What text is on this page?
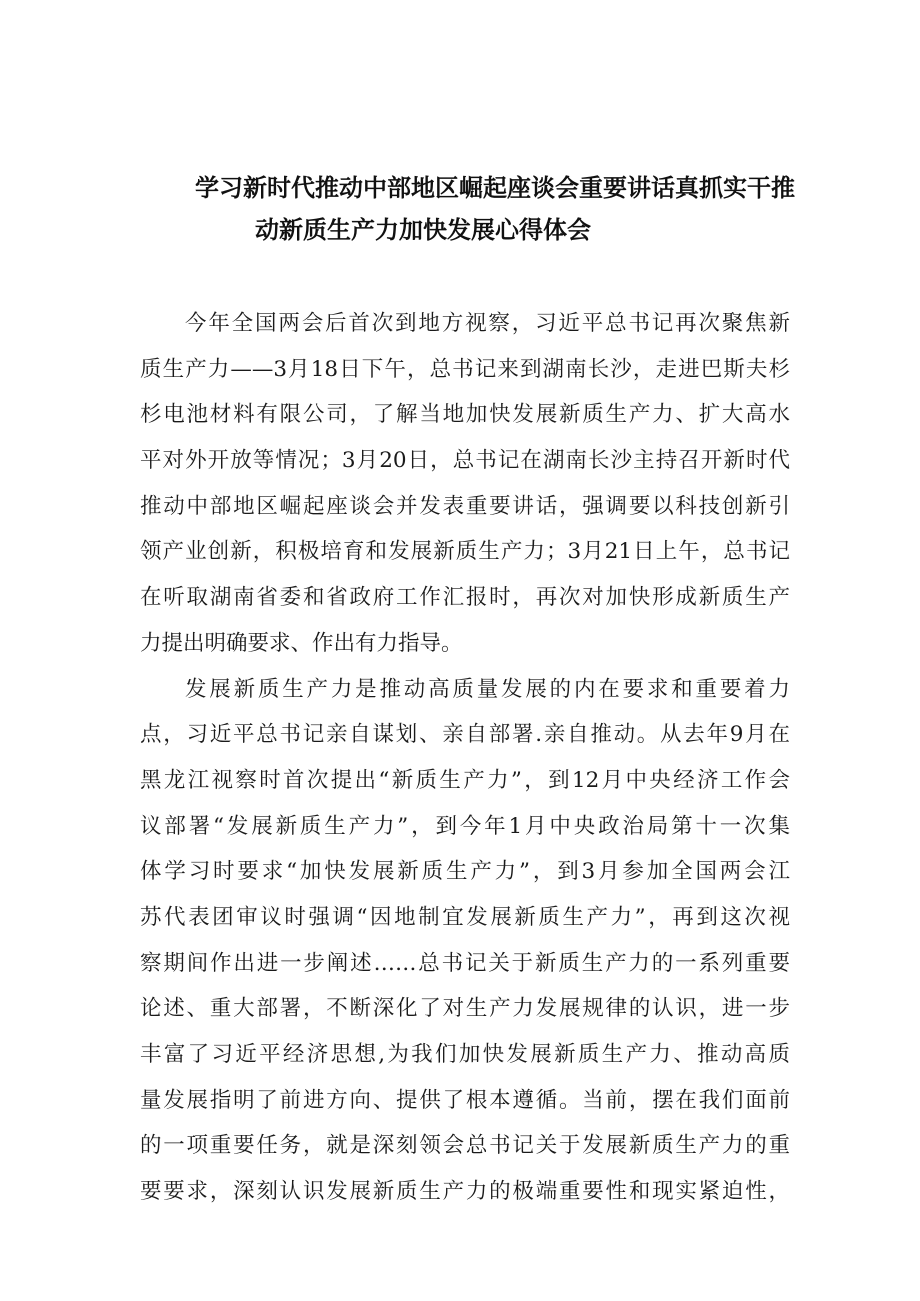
学习新时代推动中部地区崛起座谈会重要讲话真抓实干推
动新质生产力加快发展心得体会
今年全国两会后首次到地方视察，习近平总书记再次聚焦新
质生产力——3月18日下午，总书记来到湖南长沙，走进巴斯夫杉
杉电池材料有限公司，了解当地加快发展新质生产力、扩大高水
平对外开放等情况；3月20日，总书记在湖南长沙主持召开新时代
推动中部地区崛起座谈会并发表重要讲话，强调要以科技创新引
领产业创新，积极培育和发展新质生产力；3月21日上午，总书记
在听取湖南省委和省政府工作汇报时，再次对加快形成新质生产
力提出明确要求、作出有力指导。
发展新质生产力是推动高质量发展的内在要求和重要着力
点，习近平总书记亲自谋划、亲自部署.亲自推动。从去年9月在
黑龙江视察时首次提出“新质生产力”，到12月中央经济工作会
议部署“发展新质生产力”，到今年1月中央政治局第十一次集
体学习时要求“加快发展新质生产力”，到3月参加全国两会江
苏代表团审议时强调“因地制宜发展新质生产力”，再到这次视
察期间作出进一步阐述……总书记关于新质生产力的一系列重要
论述、重大部署，不断深化了对生产力发展规律的认识，进一步
丰富了习近平经济思想,为我们加快发展新质生产力、推动高质
量发展指明了前进方向、提供了根本遵循。当前，摆在我们面前
的一项重要任务，就是深刻领会总书记关于发展新质生产力的重
要要求，深刻认识发展新质生产力的极端重要性和现实紧迫性，
